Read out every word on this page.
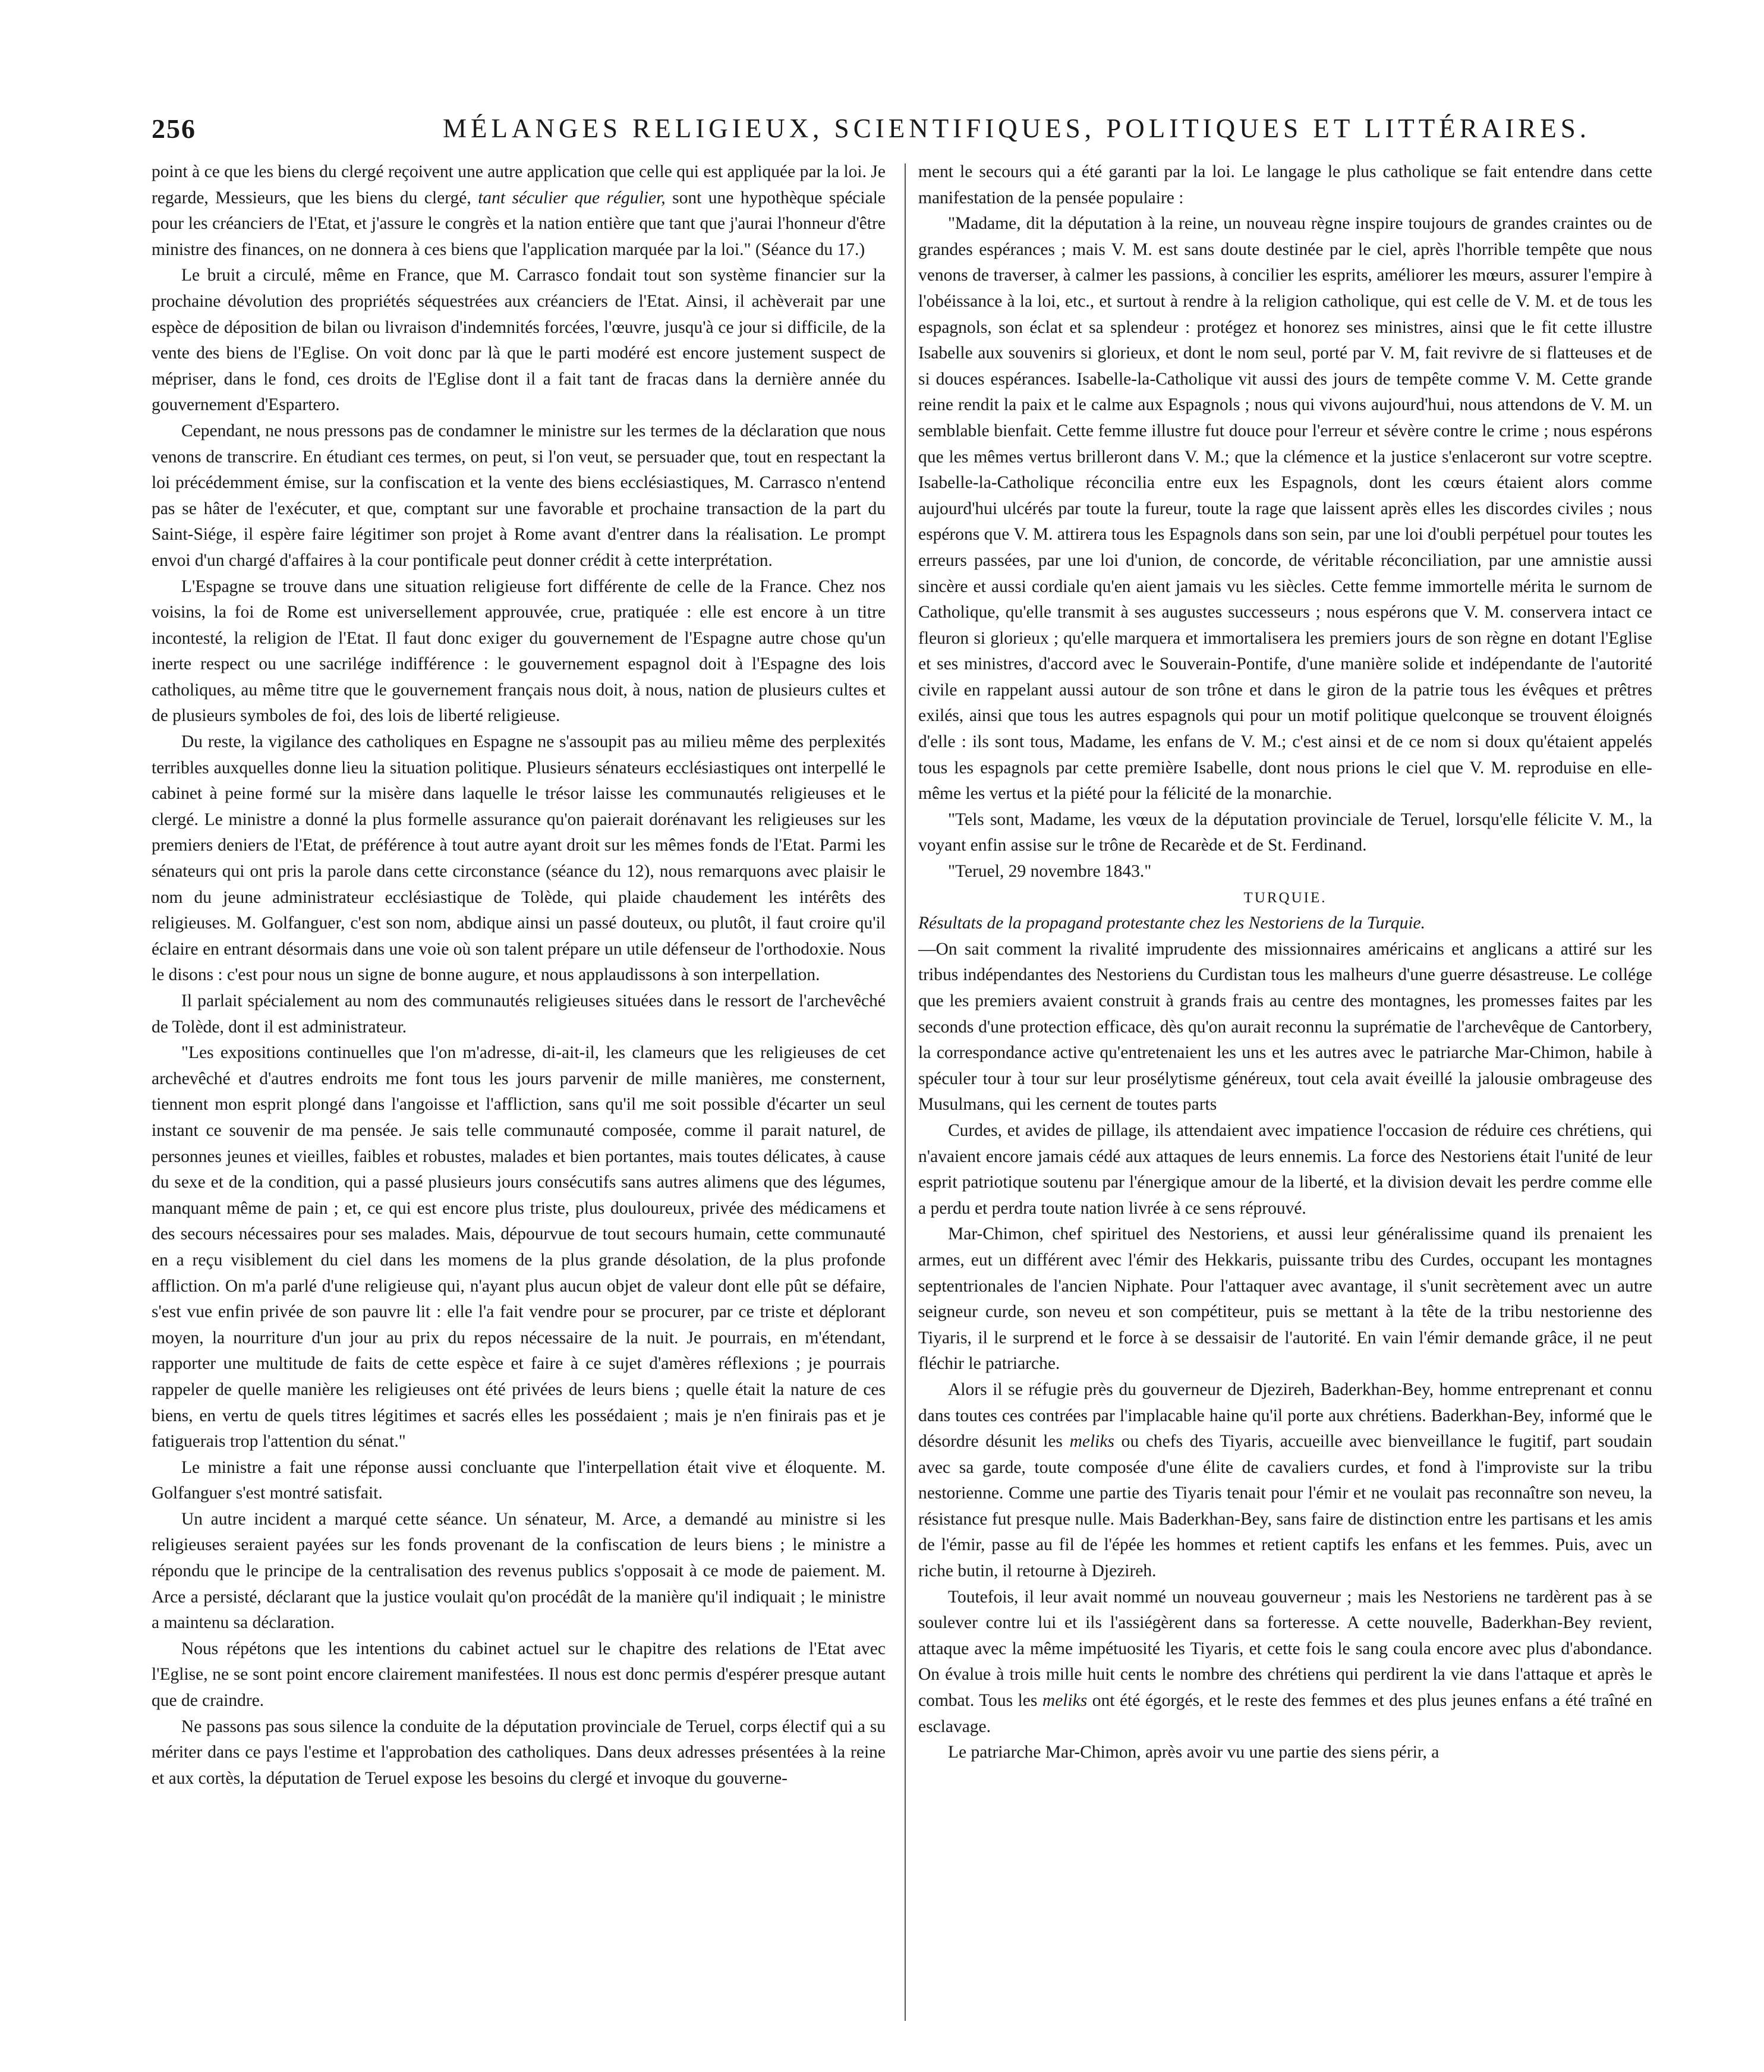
256	MÉLANGES RELIGIEUX, SCIENTIFIQUES, POLITIQUES ET LITTÉRAIRES.

point à ce que les biens du clergé reçoivent une autre application que celle qui est appliquée par la loi. Je regarde, Messieurs, que les biens du clergé, tant séculier que régulier, sont une hypothèque spéciale pour les créanciers de l'Etat, et j'assure le congrès et la nation entière que tant que j'aurai l'honneur d'être ministre des finances, on ne donnera à ces biens que l'application marquée par la loi." (Séance du 17.)

Le bruit a circulé, même en France, que M. Carrasco fondait tout son système financier sur la prochaine dévolution des propriétés séquestrées aux créanciers de l'Etat. Ainsi, il achèverait par une espèce de déposition de bilan ou livraison d'indemnités forcées, l'œuvre, jusqu'à ce jour si difficile, de la vente des biens de l'Eglise. On voit donc par là que le parti modéré est encore justement suspect de mépriser, dans le fond, ces droits de l'Eglise dont il a fait tant de fracas dans la dernière année du gouvernement d'Espartero.

Cependant, ne nous pressons pas de condamner le ministre sur les termes de la déclaration que nous venons de transcrire. En étudiant ces termes, on peut, si l'on veut, se persuader que, tout en respectant la loi précédemment émise, sur la confiscation et la vente des biens ecclésiastiques, M. Carrasco n'entend pas se hâter de l'exécuter, et que, comptant sur une favorable et prochaine transaction de la part du Saint-Siége, il espère faire légitimer son projet à Rome avant d'entrer dans la réalisation. Le prompt envoi d'un chargé d'affaires à la cour pontificale peut donner crédit à cette interprétation.

L'Espagne se trouve dans une situation religieuse fort différente de celle de la France. Chez nos voisins, la foi de Rome est universellement approuvée, crue, pratiquée : elle est encore à un titre incontesté, la religion de l'Etat. Il faut donc exiger du gouvernement de l'Espagne autre chose qu'un inerte respect ou une sacrilége indifférence : le gouvernement espagnol doit à l'Espagne des lois catholiques, au même titre que le gouvernement français nous doit, à nous, nation de plusieurs cultes et de plusieurs symboles de foi, des lois de liberté religieuse.

Du reste, la vigilance des catholiques en Espagne ne s'assoupit pas au milieu même des perplexités terribles auxquelles donne lieu la situation politique. Plusieurs sénateurs ecclésiastiques ont interpellé le cabinet à peine formé sur la misère dans laquelle le trésor laisse les communautés religieuses et le clergé. Le ministre a donné la plus formelle assurance qu'on paierait dorénavant les religieuses sur les premiers deniers de l'Etat, de préférence à tout autre ayant droit sur les mêmes fonds de l'Etat. Parmi les sénateurs qui ont pris la parole dans cette circonstance (séance du 12), nous remarquons avec plaisir le nom du jeune administrateur ecclésiastique de Tolède, qui plaide chaudement les intérêts des religieuses. M. Golfanguer, c'est son nom, abdique ainsi un passé douteux, ou plutôt, il faut croire qu'il éclaire en entrant désormais dans une voie où son talent prépare un utile défenseur de l'orthodoxie. Nous le disons : c'est pour nous un signe de bonne augure, et nous applaudissons à son interpellation.

Il parlait spécialement au nom des communautés religieuses situées dans le ressort de l'archevêché de Tolède, dont il est administrateur.

"Les expositions continuelles que l'on m'adresse, di-ait-il, les clameurs que les religieuses de cet archevêché et d'autres endroits me font tous les jours parvenir de mille manières, me consternent, tiennent mon esprit plongé dans l'angoisse et l'affliction, sans qu'il me soit possible d'écarter un seul instant ce souvenir de ma pensée. Je sais telle communauté composée, comme il parait naturel, de personnes jeunes et vieilles, faibles et robustes, malades et bien portantes, mais toutes délicates, à cause du sexe et de la condition, qui a passé plusieurs jours consécutifs sans autres alimens que des légumes, manquant même de pain ; et, ce qui est encore plus triste, plus douloureux, privée des médicamens et des secours nécessaires pour ses malades. Mais, dépourvue de tout secours humain, cette communauté en a reçu visiblement du ciel dans les momens de la plus grande désolation, de la plus profonde affliction. On m'a parlé d'une religieuse qui, n'ayant plus aucun objet de valeur dont elle pût se défaire, s'est vue enfin privée de son pauvre lit : elle l'a fait vendre pour se procurer, par ce triste et déplorant moyen, la nourriture d'un jour au prix du repos nécessaire de la nuit. Je pourrais, en m'étendant, rapporter une multitude de faits de cette espèce et faire à ce sujet d'amères réflexions ; je pourrais rappeler de quelle manière les religieuses ont été privées de leurs biens ; quelle était la nature de ces biens, en vertu de quels titres légitimes et sacrés elles les possédaient ; mais je n'en finirais pas et je fatiguerais trop l'attention du sénat."

Le ministre a fait une réponse aussi concluante que l'interpellation était vive et éloquente. M. Golfanguer s'est montré satisfait.

Un autre incident a marqué cette séance. Un sénateur, M. Arce, a demandé au ministre si les religieuses seraient payées sur les fonds provenant de la confiscation de leurs biens ; le ministre a répondu que le principe de la centralisation des revenus publics s'opposait à ce mode de paiement. M. Arce a persisté, déclarant que la justice voulait qu'on procédât de la manière qu'il indiquait ; le ministre a maintenu sa déclaration.

Nous répétons que les intentions du cabinet actuel sur le chapitre des relations de l'Etat avec l'Eglise, ne se sont point encore clairement manifestées. Il nous est donc permis d'espérer presque autant que de craindre.

Ne passons pas sous silence la conduite de la députation provinciale de Teruel, corps électif qui a su mériter dans ce pays l'estime et l'approbation des catholiques. Dans deux adresses présentées à la reine et aux cortès, la députation de Teruel expose les besoins du clergé et invoque du gouverne-

ment le secours qui a été garanti par la loi. Le langage le plus catholique se fait entendre dans cette manifestation de la pensée populaire :

"Madame, dit la députation à la reine, un nouveau règne inspire toujours de grandes craintes ou de grandes espérances ; mais V. M. est sans doute destinée par le ciel, après l'horrible tempête que nous venons de traverser, à calmer les passions, à concilier les esprits, améliorer les mœurs, assurer l'empire à l'obéissance à la loi, etc., et surtout à rendre à la religion catholique, qui est celle de V. M. et de tous les espagnols, son éclat et sa splendeur : protégez et honorez ses ministres, ainsi que le fit cette illustre Isabelle aux souvenirs si glorieux, et dont le nom seul, porté par V. M, fait revivre de si flatteuses et de si douces espérances. Isabelle-la-Catholique vit aussi des jours de tempête comme V. M. Cette grande reine rendit la paix et le calme aux Espagnols ; nous qui vivons aujourd'hui, nous attendons de V. M. un semblable bienfait. Cette femme illustre fut douce pour l'erreur et sévère contre le crime ; nous espérons que les mêmes vertus brilleront dans V. M.; que la clémence et la justice s'enlaceront sur votre sceptre. Isabelle-la-Catholique réconcilia entre eux les Espagnols, dont les cœurs étaient alors comme aujourd'hui ulcérés par toute la fureur, toute la rage que laissent après elles les discordes civiles ; nous espérons que V. M. attirera tous les Espagnols dans son sein, par une loi d'oubli perpétuel pour toutes les erreurs passées, par une loi d'union, de concorde, de véritable réconciliation, par une amnistie aussi sincère et aussi cordiale qu'en aient jamais vu les siècles. Cette femme immortelle mérita le surnom de Catholique, qu'elle transmit à ses augustes successeurs ; nous espérons que V. M. conservera intact ce fleuron si glorieux ; qu'elle marquera et immortalisera les premiers jours de son règne en dotant l'Eglise et ses ministres, d'accord avec le Souverain-Pontife, d'une manière solide et indépendante de l'autorité civile en rappelant aussi autour de son trône et dans le giron de la patrie tous les évêques et prêtres exilés, ainsi que tous les autres espagnols qui pour un motif politique quelconque se trouvent éloignés d'elle : ils sont tous, Madame, les enfans de V. M.; c'est ainsi et de ce nom si doux qu'étaient appelés tous les espagnols par cette première Isabelle, dont nous prions le ciel que V. M. reproduise en elle-même les vertus et la piété pour la félicité de la monarchie.

"Tels sont, Madame, les vœux de la députation provinciale de Teruel, lorsqu'elle félicite V. M., la voyant enfin assise sur le trône de Recarède et de St. Ferdinand.

"Teruel, 29 novembre 1843."

TURQUIE.

Résultats de la propagand protestante chez les Nestoriens de la Turquie.

—On sait comment la rivalité imprudente des missionnaires américains et anglicans a attiré sur les tribus indépendantes des Nestoriens du Curdistan tous les malheurs d'une guerre désastreuse. Le collége que les premiers avaient construit à grands frais au centre des montagnes, les promesses faites par les seconds d'une protection efficace, dès qu'on aurait reconnu la suprématie de l'archevêque de Cantorbery, la correspondance active qu'entretenaient les uns et les autres avec le patriarche Mar-Chimon, habile à spéculer tour à tour sur leur prosélytisme généreux, tout cela avait éveillé la jalousie ombrageuse des Musulmans, qui les cernent de toutes parts

Curdes, et avides de pillage, ils attendaient avec impatience l'occasion de réduire ces chrétiens, qui n'avaient encore jamais cédé aux attaques de leurs ennemis. La force des Nestoriens était l'unité de leur esprit patriotique soutenu par l'énergique amour de la liberté, et la division devait les perdre comme elle a perdu et perdra toute nation livrée à ce sens réprouvé.

Mar-Chimon, chef spirituel des Nestoriens, et aussi leur généralissime quand ils prenaient les armes, eut un différent avec l'émir des Hekkaris, puissante tribu des Curdes, occupant les montagnes septentrionales de l'ancien Niphate. Pour l'attaquer avec avantage, il s'unit secrètement avec un autre seigneur curde, son neveu et son compétiteur, puis se mettant à la tête de la tribu nestorienne des Tiyaris, il le surprend et le force à se dessaisir de l'autorité. En vain l'émir demande grâce, il ne peut fléchir le patriarche.

Alors il se réfugie près du gouverneur de Djezireh, Baderkhan-Bey, homme entreprenant et connu dans toutes ces contrées par l'implacable haine qu'il porte aux chrétiens. Baderkhan-Bey, informé que le désordre désunit les meliks ou chefs des Tiyaris, accueille avec bienveillance le fugitif, part soudain avec sa garde, toute composée d'une élite de cavaliers curdes, et fond à l'improviste sur la tribu nestorienne. Comme une partie des Tiyaris tenait pour l'émir et ne voulait pas reconnaître son neveu, la résistance fut presque nulle. Mais Baderkhan-Bey, sans faire de distinction entre les partisans et les amis de l'émir, passe au fil de l'épée les hommes et retient captifs les enfans et les femmes. Puis, avec un riche butin, il retourne à Djezireh.

Toutefois, il leur avait nommé un nouveau gouverneur ; mais les Nestoriens ne tardèrent pas à se soulever contre lui et ils l'assiégèrent dans sa forteresse. A cette nouvelle, Baderkhan-Bey revient, attaque avec la même impétuosité les Tiyaris, et cette fois le sang coula encore avec plus d'abondance. On évalue à trois mille huit cents le nombre des chrétiens qui perdirent la vie dans l'attaque et après le combat. Tous les meliks ont été égorgés, et le reste des femmes et des plus jeunes enfans a été traîné en esclavage.

Le patriarche Mar-Chimon, après avoir vu une partie des siens périr, a
